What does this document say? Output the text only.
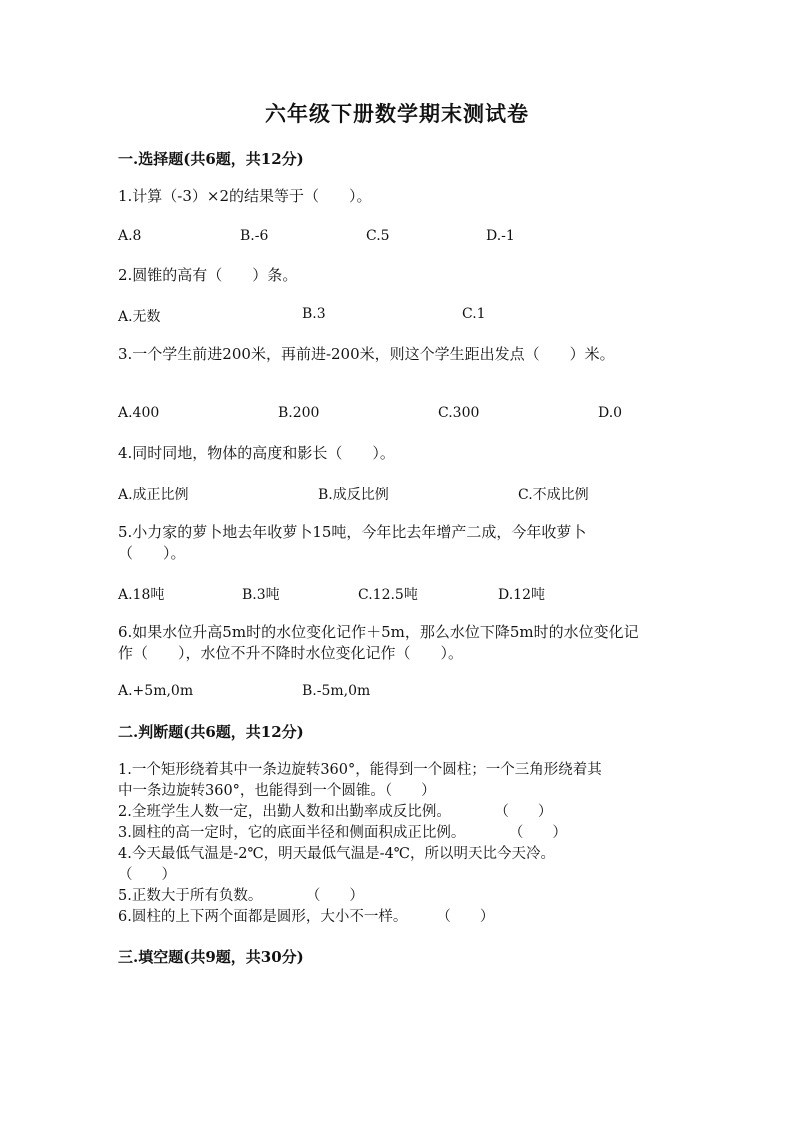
六年级下册数学期末测试卷
一.选择题(共6题，共12分)
1.计算（-3）×2的结果等于（　　）。
A.8	B.-6	C.5	D.-1
2.圆锥的高有（　　）条。
A.无数	B.3	C.1
3.一个学生前进200米，再前进-200米，则这个学生距出发点（　　）米。
A.400	B.200	C.300	D.0
4.同时同地，物体的高度和影长（　　）。
A.成正比例	B.成反比例	C.不成比例
5.小力家的萝卜地去年收萝卜15吨，今年比去年增产二成，今年收萝卜
（　　）。
A.18吨	B.3吨	C.12.5吨	D.12吨
6.如果水位升高5m时的水位变化记作＋5m，那么水位下降5m时的水位变化记
作（　　），水位不升不降时水位变化记作（　　）。
A.+5m,0m	B.-5m,0m
二.判断题(共6题，共12分)
1.一个矩形绕着其中一条边旋转360°，能得到一个圆柱；一个三角形绕着其
中一条边旋转360°，也能得到一个圆锥。（　　）
2.全班学生人数一定，出勤人数和出勤率成反比例。　　　　（　　）
3.圆柱的高一定时，它的底面半径和侧面积成正比例。　　　　（　　）
4.今天最低气温是-2℃，明天最低气温是-4℃，所以明天比今天冷。
（　　）
5.正数大于所有负数。　　　　（　　）
6.圆柱的上下两个面都是圆形，大小不一样。　　　（　　）
三.填空题(共9题，共30分)
